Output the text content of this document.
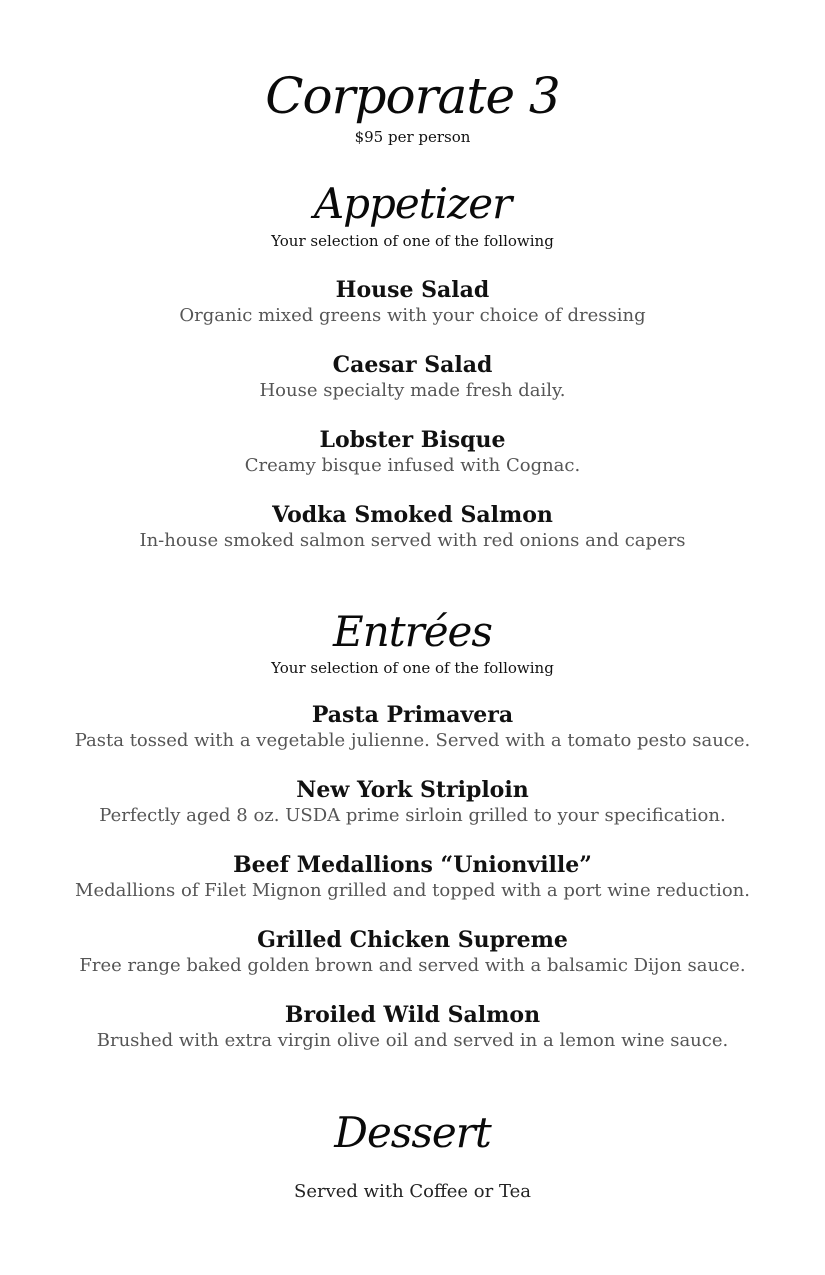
Corporate 3
$95 per person
Appetizer
Your selection of one of the following
House Salad
Organic mixed greens with your choice of dressing
Caesar Salad
House specialty made fresh daily.
Lobster Bisque
Creamy bisque infused with Cognac.
Vodka Smoked Salmon
In-house smoked salmon served with red onions and capers
Entrées
Your selection of one of the following
Pasta Primavera
Pasta tossed with a vegetable julienne. Served with a tomato pesto sauce.
New York Striploin
Perfectly aged 8 oz. USDA prime sirloin grilled to your specification.
Beef Medallions “Unionville”
Medallions of Filet Mignon grilled and topped with a port wine reduction.
Grilled Chicken Supreme
Free range baked golden brown and served with a balsamic Dijon sauce.
Broiled Wild Salmon
Brushed with extra virgin olive oil and served in a lemon wine sauce.
Dessert
Served with Coffee or Tea
